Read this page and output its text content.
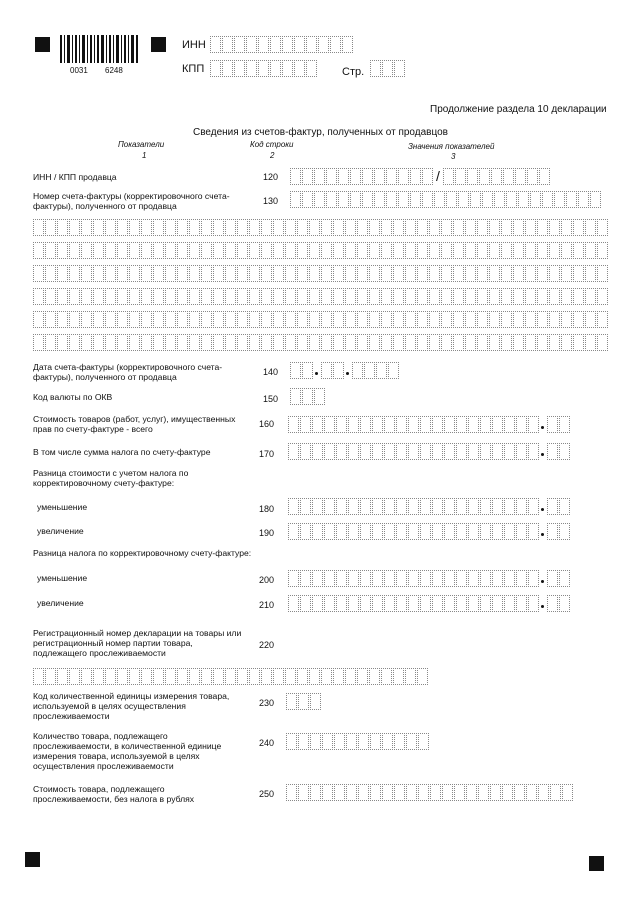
0031 6248
ИНН
КПП	Стр.
Продолжение раздела 10 декларации
Сведения из счетов-фактур, полученных от продавцов
Показатели
1
Код строки
2
Значения показателей
3
ИНН / КПП продавца	120	/
Номер счета-фактуры (корректировочного счета-фактуры), полученного от продавца	130
Дата счета-фактуры (корректировочного счета-фактуры), полученного от продавца	140
Код валюты по ОКВ	150
Стоимость товаров (работ, услуг), имущественных прав по счету-фактуре - всего	160
В том числе сумма налога по счету-фактуре	170
Разница стоимости с учетом налога по корректировочному счету-фактуре:
уменьшение	180
увеличение	190
Разница налога по корректировочному счету-фактуре:
уменьшение	200
увеличение	210
Регистрационный номер декларации на товары или регистрационный номер партии товара, подлежащего прослеживаемости
220
Код количественной единицы измерения товара, используемой в целях осуществления прослеживаемости
230
Количество товара, подлежащего прослеживаемости, в количественной единице измерения товара, используемой в целях осуществления прослеживаемости
240
Стоимость товара, подлежащего прослеживаемости, без налога в рублях	250
